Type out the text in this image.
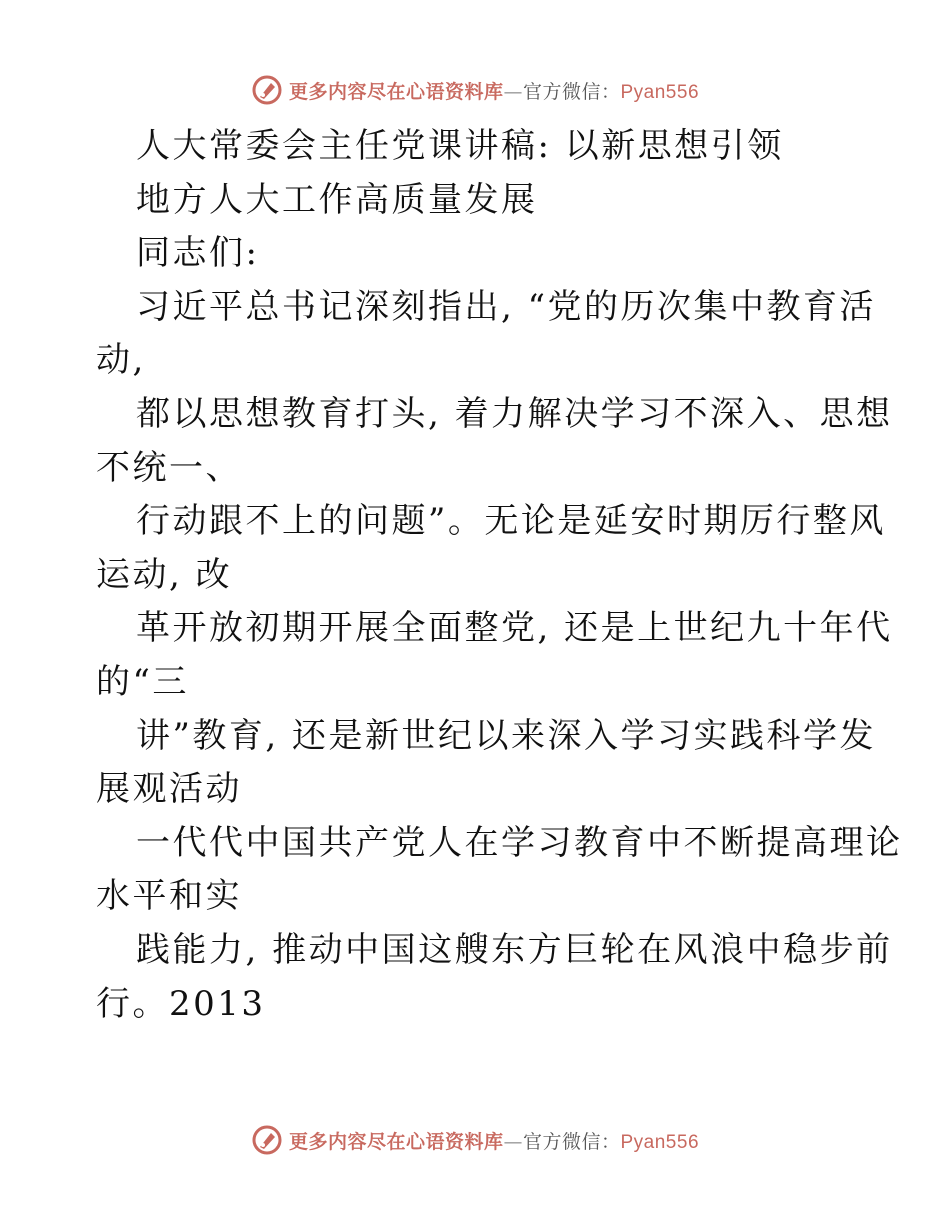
更多内容尽在心语资料库—官方微信：Pyan556
人大常委会主任党课讲稿: 以新思想引领
地方人大工作高质量发展
同志们:
习近平总书记深刻指出, “党的历次集中教育活
动,
都以思想教育打头, 着力解决学习不深入、思想
不统一、
行动跟不上的问题”。无论是延安时期厉行整风
运动, 改
革开放初期开展全面整党, 还是上世纪九十年代
的“三
讲”教育, 还是新世纪以来深入学习实践科学发
展观活动
一代代中国共产党人在学习教育中不断提高理论
水平和实
践能力, 推动中国这艘东方巨轮在风浪中稳步前
行。2013
更多内容尽在心语资料库—官方微信：Pyan556
